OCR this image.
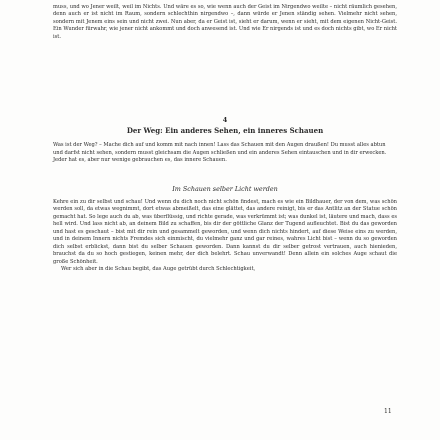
muss, und wo Jener weilt, weil im Nichts. Und wäre es so, wie wenn auch der Geist im Nirgendwo weilte – nicht räumlich gesehen, denn auch er ist nicht im Raum, sondern schlechthin nirgendwo –, dann würde er Jenen ständig sehen. Vielmehr nicht sehen, sondern mit Jenem eins sein und nicht zwei. Nun aber, da er Geist ist, sieht er darum, wenn er sieht, mit dem eigenen Nicht-Geist. Ein Wunder fürwahr, wie jener nicht ankommt und doch anwesend ist. Und wie Er nirgends ist und es doch nichts gibt, wo Er nicht ist.

4
Der Weg: Ein anderes Sehen, ein inneres Schauen

Was ist der Weg? – Mache dich auf und komm mit nach innen! Lass das Schauen mit den Augen draußen! Du musst alles abtun und darfst nicht sehen, sondern musst gleichsam die Augen schließen und ein anderes Sehen eintauschen und in dir erwecken. Jeder hat es, aber nur wenige gebrauchen es, das innere Schauen.

Im Schauen selber Licht werden

Kehre ein zu dir selbst und schau! Und wenn du dich noch nicht schön findest, mach es wie ein Bildhauer, der von dem, was schön werden soll, da etwas wegnimmt, dort etwas abmeißelt, das eine glättet, das andere reinigt, bis er das Antlitz an der Statue schön gemacht hat. So lege auch du ab, was überflüssig, und richte gerade, was verkrümmt ist; was dunkel ist, läutere und mach, dass es hell wird. Und lass nicht ab, an deinem Bild zu schaffen, bis dir der göttliche Glanz der Tugend aufleuchtet. Bist du das geworden und hast es geschaut – bist mit dir rein und gesammelt geworden, und wenn dich nichts hindert, auf diese Weise eins zu werden, und in deinem Innern nichts Fremdes sich einmischt, du vielmehr ganz und gar reines, wahres Licht bist – wenn du so geworden dich selbst erblickst, dann bist du selber Schauen geworden. Dann kannst du dir selber getrost vertrauen, auch hienieden, brauchst da du so hoch gestiegen, keinen mehr, der dich belehrt. Schau unverwandt! Denn allein ein solches Auge schaut die große Schönheit.

Wer sich aber in die Schau begibt, das Auge getrübt durch Schlechtigkeit,

11
